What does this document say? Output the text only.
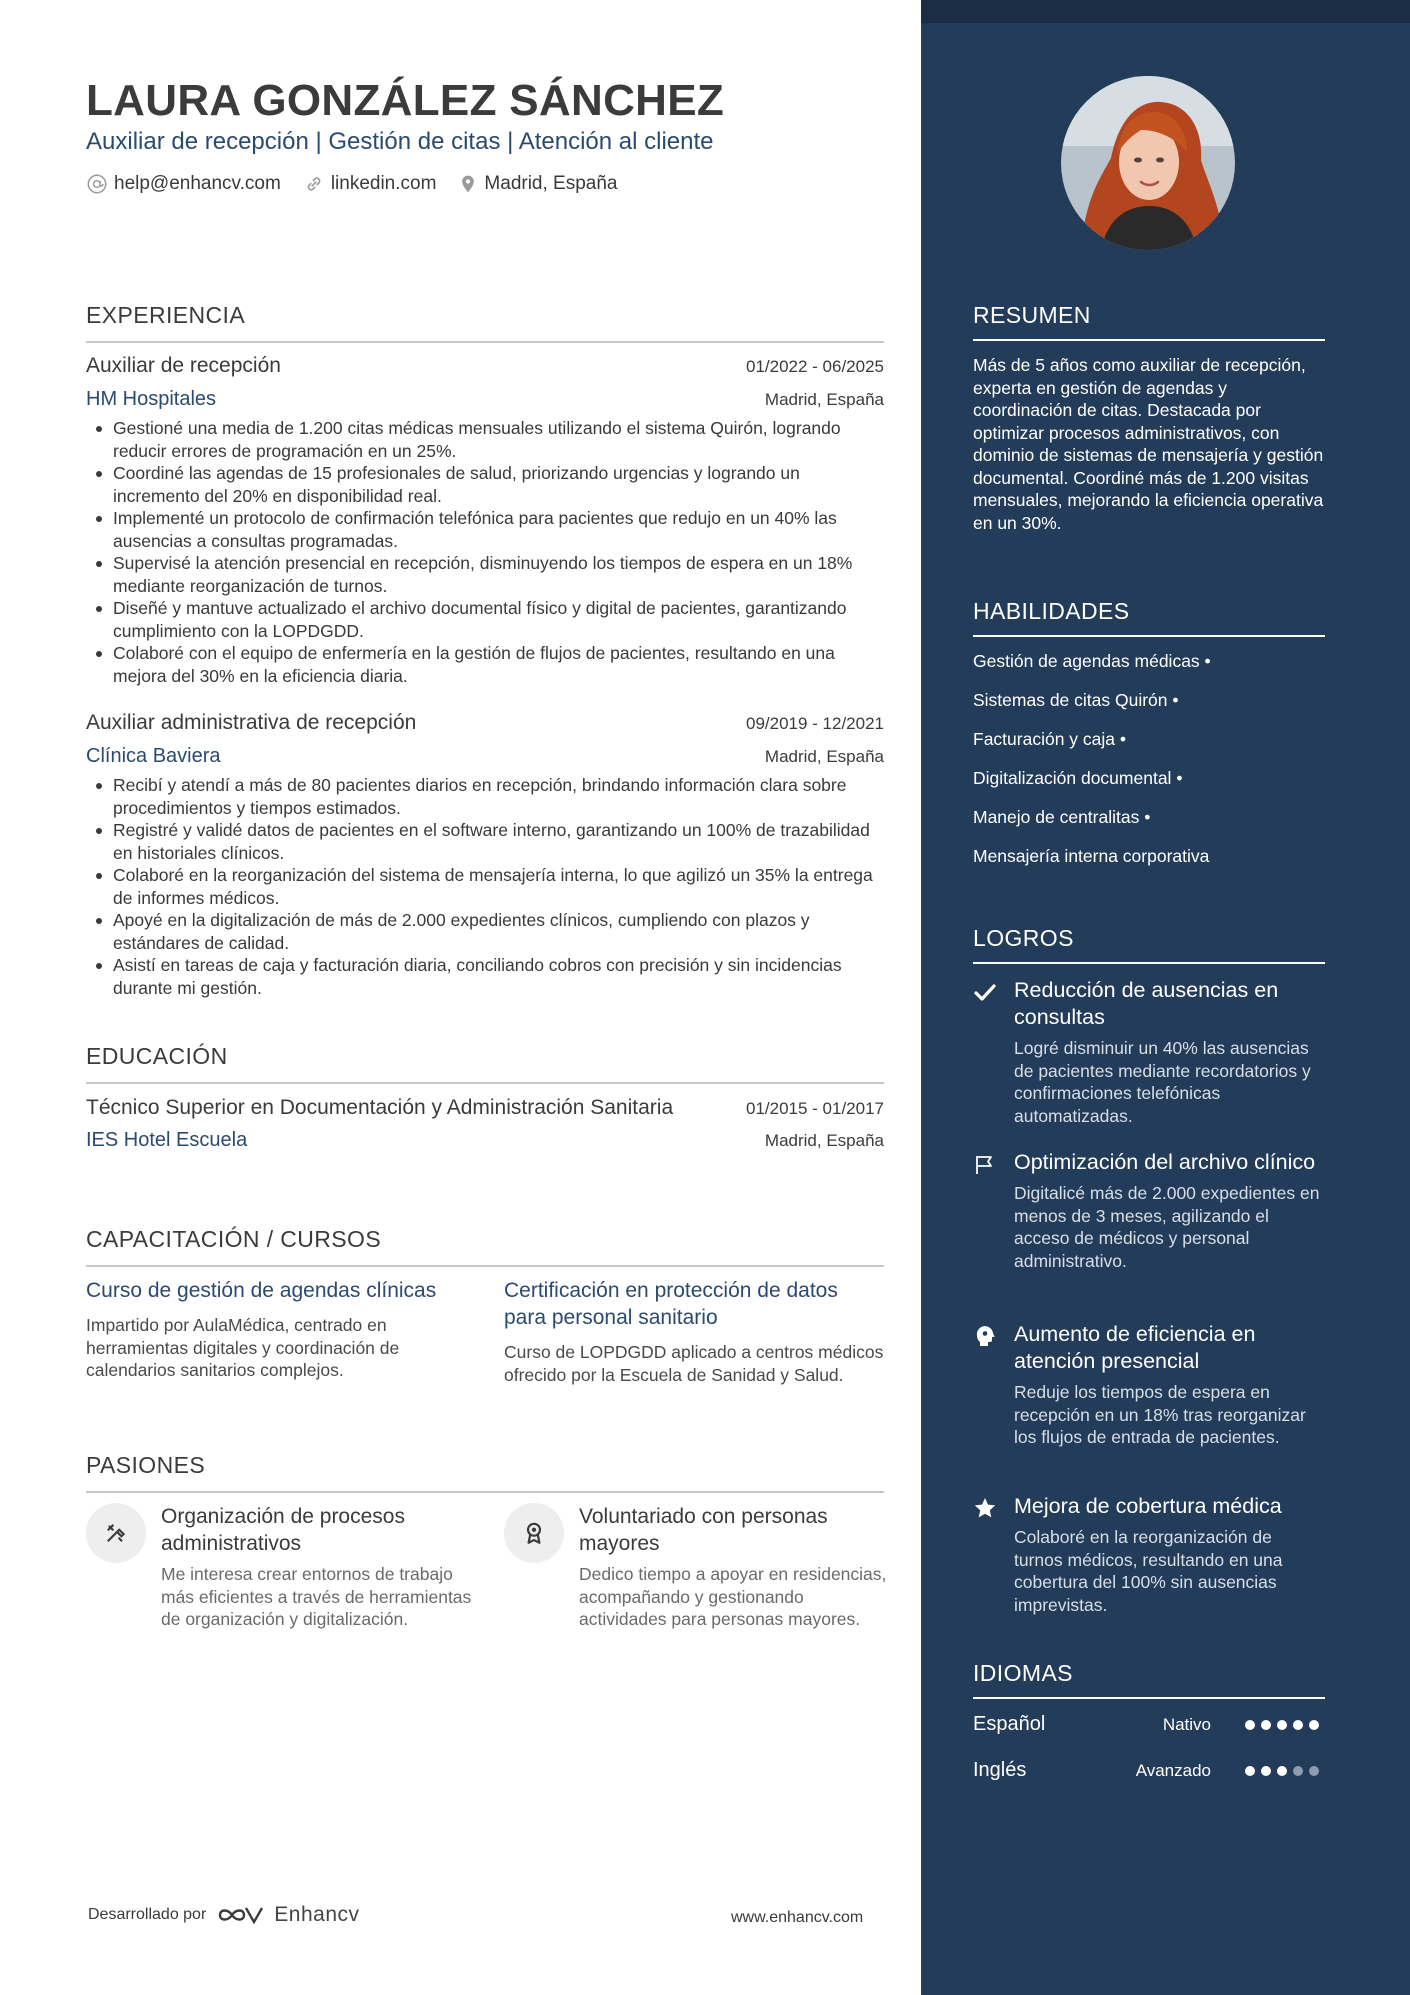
LAURA GONZÁLEZ SÁNCHEZ
Auxiliar de recepción | Gestión de citas | Atención al cliente
help@enhancv.com	linkedin.com	Madrid, España
EXPERIENCIA
Auxiliar de recepción	01/2022 - 06/2025
HM Hospitales	Madrid, España
Gestioné una media de 1.200 citas médicas mensuales utilizando el sistema Quirón, logrando reducir errores de programación en un 25%.
Coordiné las agendas de 15 profesionales de salud, priorizando urgencias y logrando un incremento del 20% en disponibilidad real.
Implementé un protocolo de confirmación telefónica para pacientes que redujo en un 40% las ausencias a consultas programadas.
Supervisé la atención presencial en recepción, disminuyendo los tiempos de espera en un 18% mediante reorganización de turnos.
Diseñé y mantuve actualizado el archivo documental físico y digital de pacientes, garantizando cumplimiento con la LOPDGDD.
Colaboré con el equipo de enfermería en la gestión de flujos de pacientes, resultando en una mejora del 30% en la eficiencia diaria.
Auxiliar administrativa de recepción	09/2019 - 12/2021
Clínica Baviera	Madrid, España
Recibí y atendí a más de 80 pacientes diarios en recepción, brindando información clara sobre procedimientos y tiempos estimados.
Registré y validé datos de pacientes en el software interno, garantizando un 100% de trazabilidad en historiales clínicos.
Colaboré en la reorganización del sistema de mensajería interna, lo que agilizó un 35% la entrega de informes médicos.
Apoyé en la digitalización de más de 2.000 expedientes clínicos, cumpliendo con plazos y estándares de calidad.
Asistí en tareas de caja y facturación diaria, conciliando cobros con precisión y sin incidencias durante mi gestión.
EDUCACIÓN
Técnico Superior en Documentación y Administración Sanitaria	01/2015 - 01/2017
IES Hotel Escuela	Madrid, España
CAPACITACIÓN / CURSOS
Curso de gestión de agendas clínicas
Impartido por AulaMédica, centrado en herramientas digitales y coordinación de calendarios sanitarios complejos.
Certificación en protección de datos para personal sanitario
Curso de LOPDGDD aplicado a centros médicos ofrecido por la Escuela de Sanidad y Salud.
PASIONES
Organización de procesos administrativos
Me interesa crear entornos de trabajo más eficientes a través de herramientas de organización y digitalización.
Voluntariado con personas mayores
Dedico tiempo a apoyar en residencias, acompañando y gestionando actividades para personas mayores.
Desarrollado por	Enhancv	www.enhancv.com
RESUMEN
Más de 5 años como auxiliar de recepción, experta en gestión de agendas y coordinación de citas. Destacada por optimizar procesos administrativos, con dominio de sistemas de mensajería y gestión documental. Coordiné más de 1.200 visitas mensuales, mejorando la eficiencia operativa en un 30%.
HABILIDADES
Gestión de agendas médicas •
Sistemas de citas Quirón •
Facturación y caja •
Digitalización documental •
Manejo de centralitas •
Mensajería interna corporativa
LOGROS
Reducción de ausencias en consultas
Logré disminuir un 40% las ausencias de pacientes mediante recordatorios y confirmaciones telefónicas automatizadas.
Optimización del archivo clínico
Digitalicé más de 2.000 expedientes en menos de 3 meses, agilizando el acceso de médicos y personal administrativo.
Aumento de eficiencia en atención presencial
Reduje los tiempos de espera en recepción en un 18% tras reorganizar los flujos de entrada de pacientes.
Mejora de cobertura médica
Colaboré en la reorganización de turnos médicos, resultando en una cobertura del 100% sin ausencias imprevistas.
IDIOMAS
Español	Nativo
Inglés	Avanzado
